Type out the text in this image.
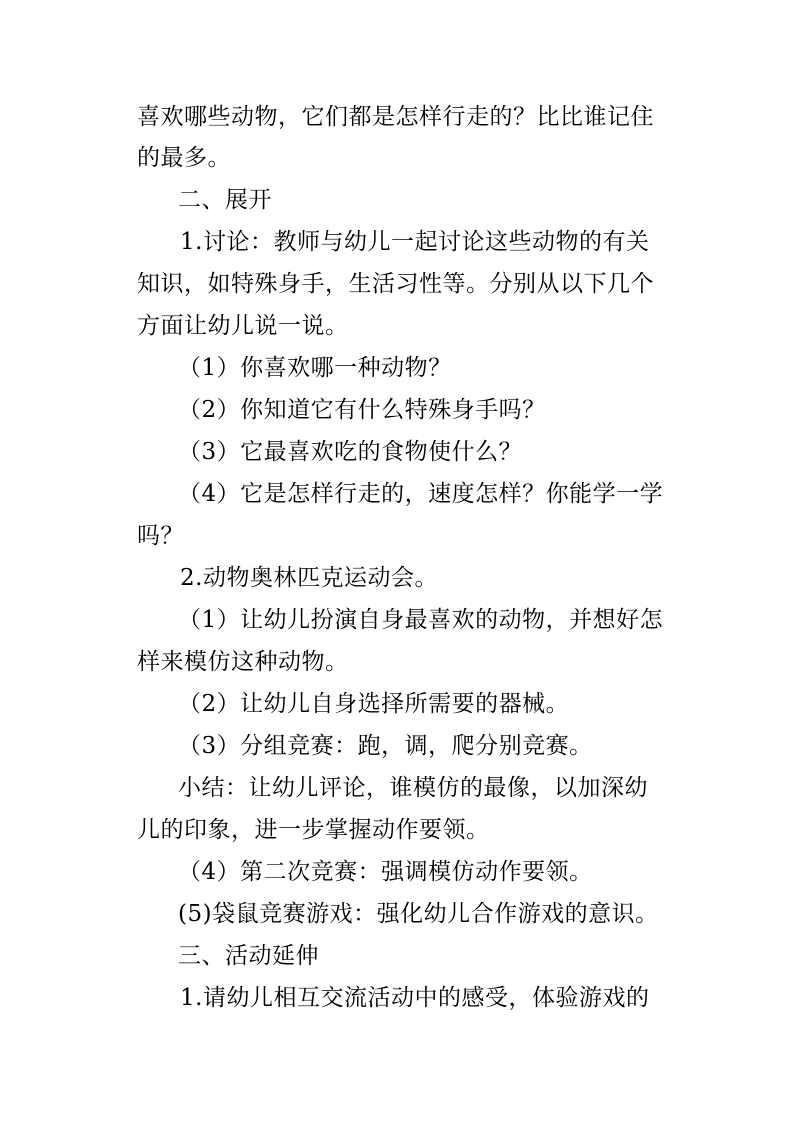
喜欢哪些动物，它们都是怎样行走的？比比谁记住
的最多。
二、展开
1.讨论：教师与幼儿一起讨论这些动物的有关
知识，如特殊身手，生活习性等。分别从以下几个
方面让幼儿说一说。
（1）你喜欢哪一种动物？
（2）你知道它有什么特殊身手吗？
（3）它最喜欢吃的食物使什么？
（4）它是怎样行走的，速度怎样？你能学一学
吗？
2.动物奥林匹克运动会。
（1）让幼儿扮演自身最喜欢的动物，并想好怎
样来模仿这种动物。
（2）让幼儿自身选择所需要的器械。
（3）分组竞赛：跑，调，爬分别竞赛。
小结：让幼儿评论，谁模仿的最像，以加深幼
儿的印象，进一步掌握动作要领。
（4）第二次竞赛：强调模仿动作要领。
(5)袋鼠竞赛游戏：强化幼儿合作游戏的意识。
三、活动延伸
1.请幼儿相互交流活动中的感受，体验游戏的
